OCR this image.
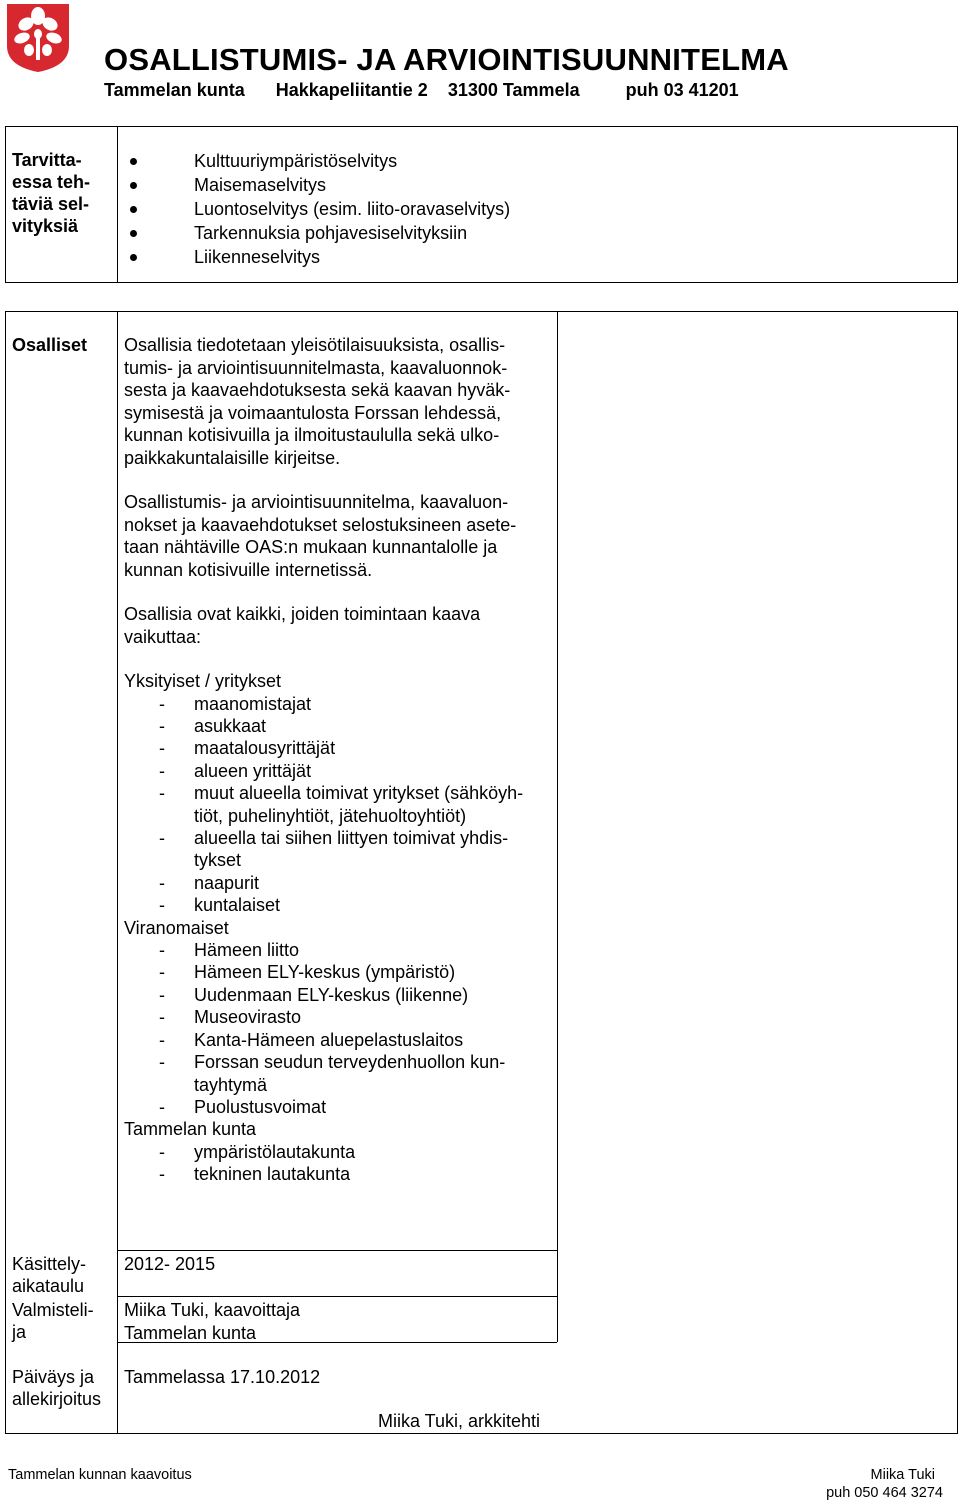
OSALLISTUMIS- JA ARVIOINTISUUNNITELMA
Tammelan kunta Hakkapeliitantie 2 31300 Tammela	puh 03 41201
Tarvitta-
essa teh-
täviä sel-
vityksiä
Kulttuuriympäristöselvitys
Maisemaselvitys
Luontoselvitys (esim. liito-oravaselvitys)
Tarkennuksia pohjavesiselvityksiin
Liikenneselvitys
Osalliset
Käsittely-
aikataulu
Valmisteli-
ja
Päiväys ja
allekirjoitus

Osallisia tiedotetaan yleisötilaisuuksista, osallis-
tumis- ja arviointisuunnitelmasta, kaavaluonnok-
sesta ja kaavaehdotuksesta sekä kaavan hyväk-
symisestä ja voimaantulosta Forssan lehdessä,
kunnan kotisivuilla ja ilmoitustaululla sekä ulko-
paikkakuntalaisille kirjeitse.

Osallistumis- ja arviointisuunnitelma, kaavaluon-
nokset ja kaavaehdotukset selostuksineen asete-
taan nähtäville OAS:n mukaan kunnantalolle ja
kunnan kotisivuille internetissä.

Osallisia ovat kaikki, joiden toimintaan kaava
vaikuttaa:

Yksityiset / yritykset

- maanomistajat
- asukkaat
- maatalousyrittäjät
- alueen yrittäjät
- muut alueella toimivat yritykset (sähköyh-
tiöt, puhelinyhtiöt, jätehuoltoyhtiöt)
- alueella tai siihen liittyen toimivat yhdis-
tykset
- naapurit
- kuntalaiset

Viranomaiset

- Hämeen liitto
- Hämeen ELY-keskus (ympäristö)
- Uudenmaan ELY-keskus (liikenne)
- Museovirasto
- Kanta-Hämeen aluepelastuslaitos
- Forssan seudun terveydenhuollon kun-
tayhtymä
- Puolustusvoimat

Tammelan kunta

- ympäristölautakunta
- tekninen lautakunta
2012- 2015
Miika Tuki, kaavoittaja
Tammelan kunta
Tammelassa 17.10.2012
Miika Tuki, arkkitehti
Tammelan kunnan kaavoitus	Miika Tuki
puh 050 464 3274
